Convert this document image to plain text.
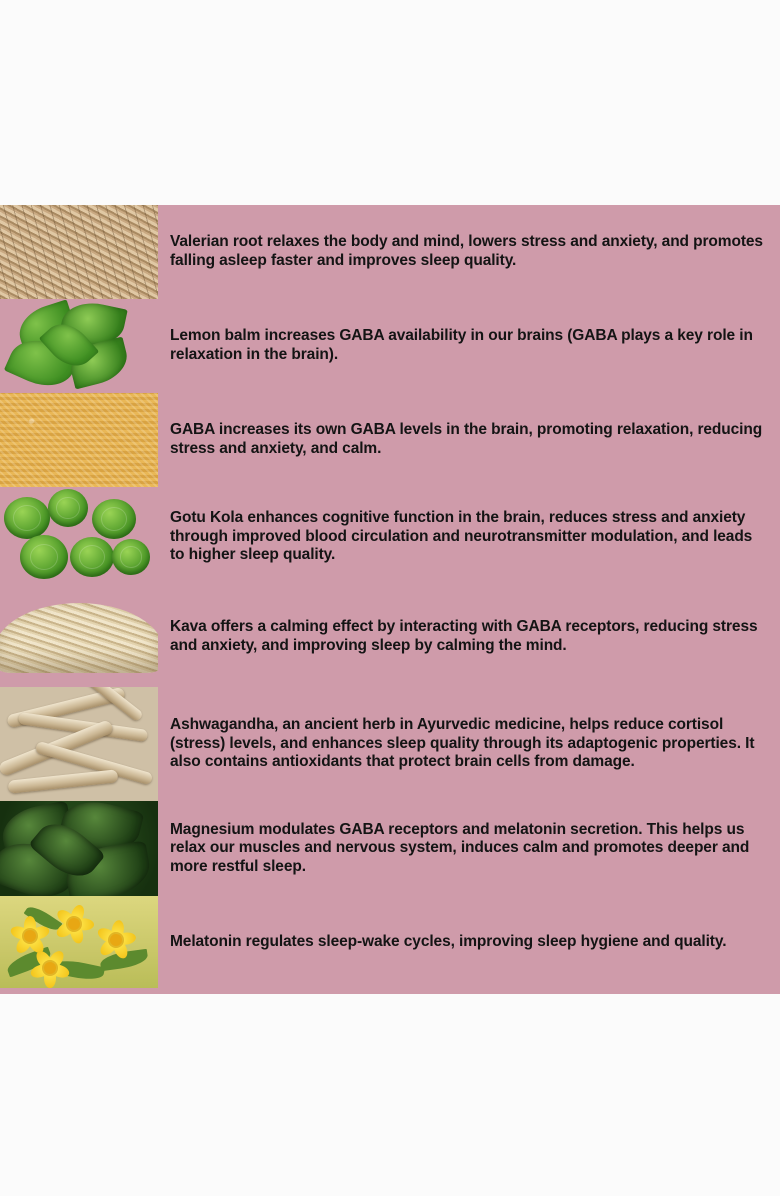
Valerian root relaxes the body and mind, lowers stress and anxiety, and promotes falling asleep faster and improves sleep quality.

Lemon balm increases GABA availability in our brains (GABA plays a key role in relaxation in the brain).

GABA increases its own GABA levels in the brain, promoting relaxation, reducing stress and anxiety, and calm.

Gotu Kola enhances cognitive function in the brain, reduces stress and anxiety through improved blood circulation and neurotransmitter modulation, and leads to higher sleep quality.

Kava offers a calming effect by interacting with GABA receptors, reducing stress and anxiety, and improving sleep by calming the mind.

Ashwagandha, an ancient herb in Ayurvedic medicine, helps reduce cortisol (stress) levels, and enhances sleep quality through its adaptogenic properties. It also contains antioxidants that protect brain cells from damage.

Magnesium modulates GABA receptors and melatonin secretion. This helps us relax our muscles and nervous system, induces calm and promotes deeper and more restful sleep.

Melatonin regulates sleep-wake cycles, improving sleep hygiene and quality.
